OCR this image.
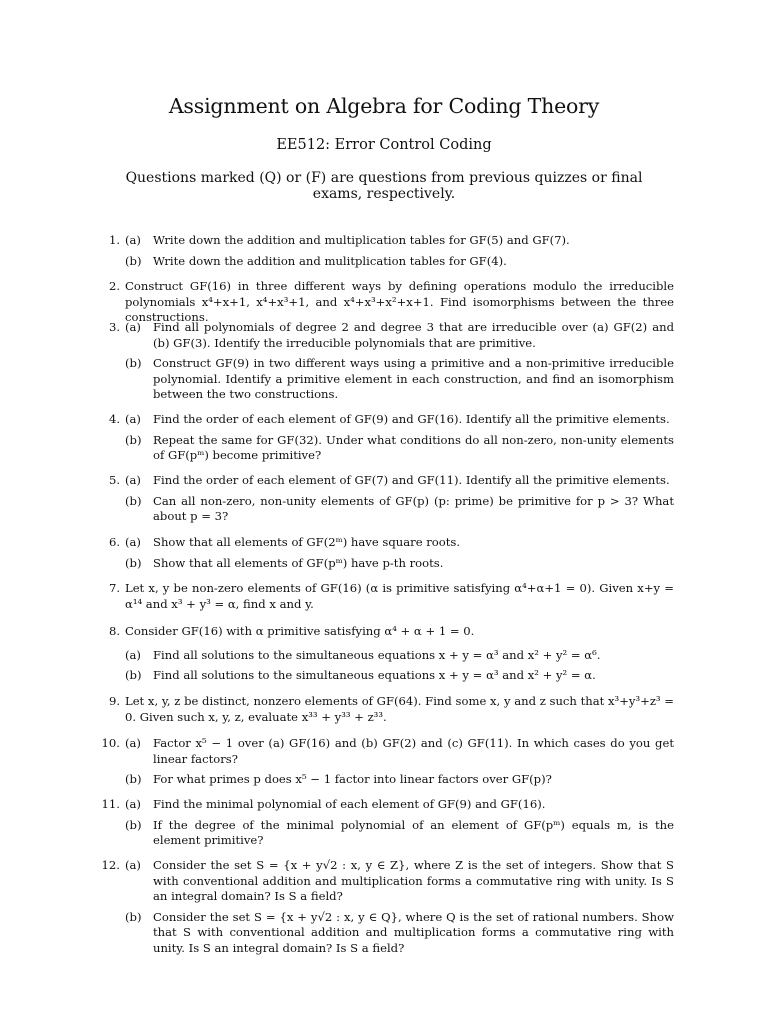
Assignment on Algebra for Coding Theory
EE512: Error Control Coding
Questions marked (Q) or (F) are questions from previous quizzes or final exams, respectively.
1. (a) Write down the addition and multiplication tables for GF(5) and GF(7).
(b) Write down the addition and mulitplication tables for GF(4).
2. Construct GF(16) in three different ways by defining operations modulo the irreducible polynomials x⁴+x+1, x⁴+x³+1, and x⁴+x³+x²+x+1. Find isomorphisms between the three constructions.
3. (a) Find all polynomials of degree 2 and degree 3 that are irreducible over (a) GF(2) and (b) GF(3). Identify the irreducible polynomials that are primitive.
(b) Construct GF(9) in two different ways using a primitive and a non-primitive irreducible polynomial. Identify a primitive element in each construction, and find an isomorphism between the two constructions.
4. (a) Find the order of each element of GF(9) and GF(16). Identify all the primitive elements.
(b) Repeat the same for GF(32). Under what conditions do all non-zero, non-unity elements of GF(pᵐ) become primitive?
5. (a) Find the order of each element of GF(7) and GF(11). Identify all the primitive elements.
(b) Can all non-zero, non-unity elements of GF(p) (p: prime) be primitive for p > 3? What about p = 3?
6. (a) Show that all elements of GF(2ᵐ) have square roots.
(b) Show that all elements of GF(pᵐ) have p-th roots.
7. Let x, y be non-zero elements of GF(16) (α is primitive satisfying α⁴+α+1 = 0). Given x+y = α¹⁴ and x³ + y³ = α, find x and y.
8. Consider GF(16) with α primitive satisfying α⁴ + α + 1 = 0.
(a) Find all solutions to the simultaneous equations x + y = α³ and x² + y² = α⁶.
(b) Find all solutions to the simultaneous equations x + y = α³ and x² + y² = α.
9. Let x, y, z be distinct, nonzero elements of GF(64). Find some x, y and z such that x³+y³+z³ = 0. Given such x, y, z, evaluate x³³ + y³³ + z³³.
10. (a) Factor x⁵ − 1 over (a) GF(16) and (b) GF(2) and (c) GF(11). In which cases do you get linear factors?
(b) For what primes p does x⁵ − 1 factor into linear factors over GF(p)?
11. (a) Find the minimal polynomial of each element of GF(9) and GF(16).
(b) If the degree of the minimal polynomial of an element of GF(pᵐ) equals m, is the element primitive?
12. (a) Consider the set S = {x + y√2 : x, y ∈ Z}, where Z is the set of integers. Show that S with conventional addition and multiplication forms a commutative ring with unity. Is S an integral domain? Is S a field?
(b) Consider the set S = {x + y√2 : x, y ∈ Q}, where Q is the set of rational numbers. Show that S with conventional addition and multiplication forms a commutative ring with unity. Is S an integral domain? Is S a field?
